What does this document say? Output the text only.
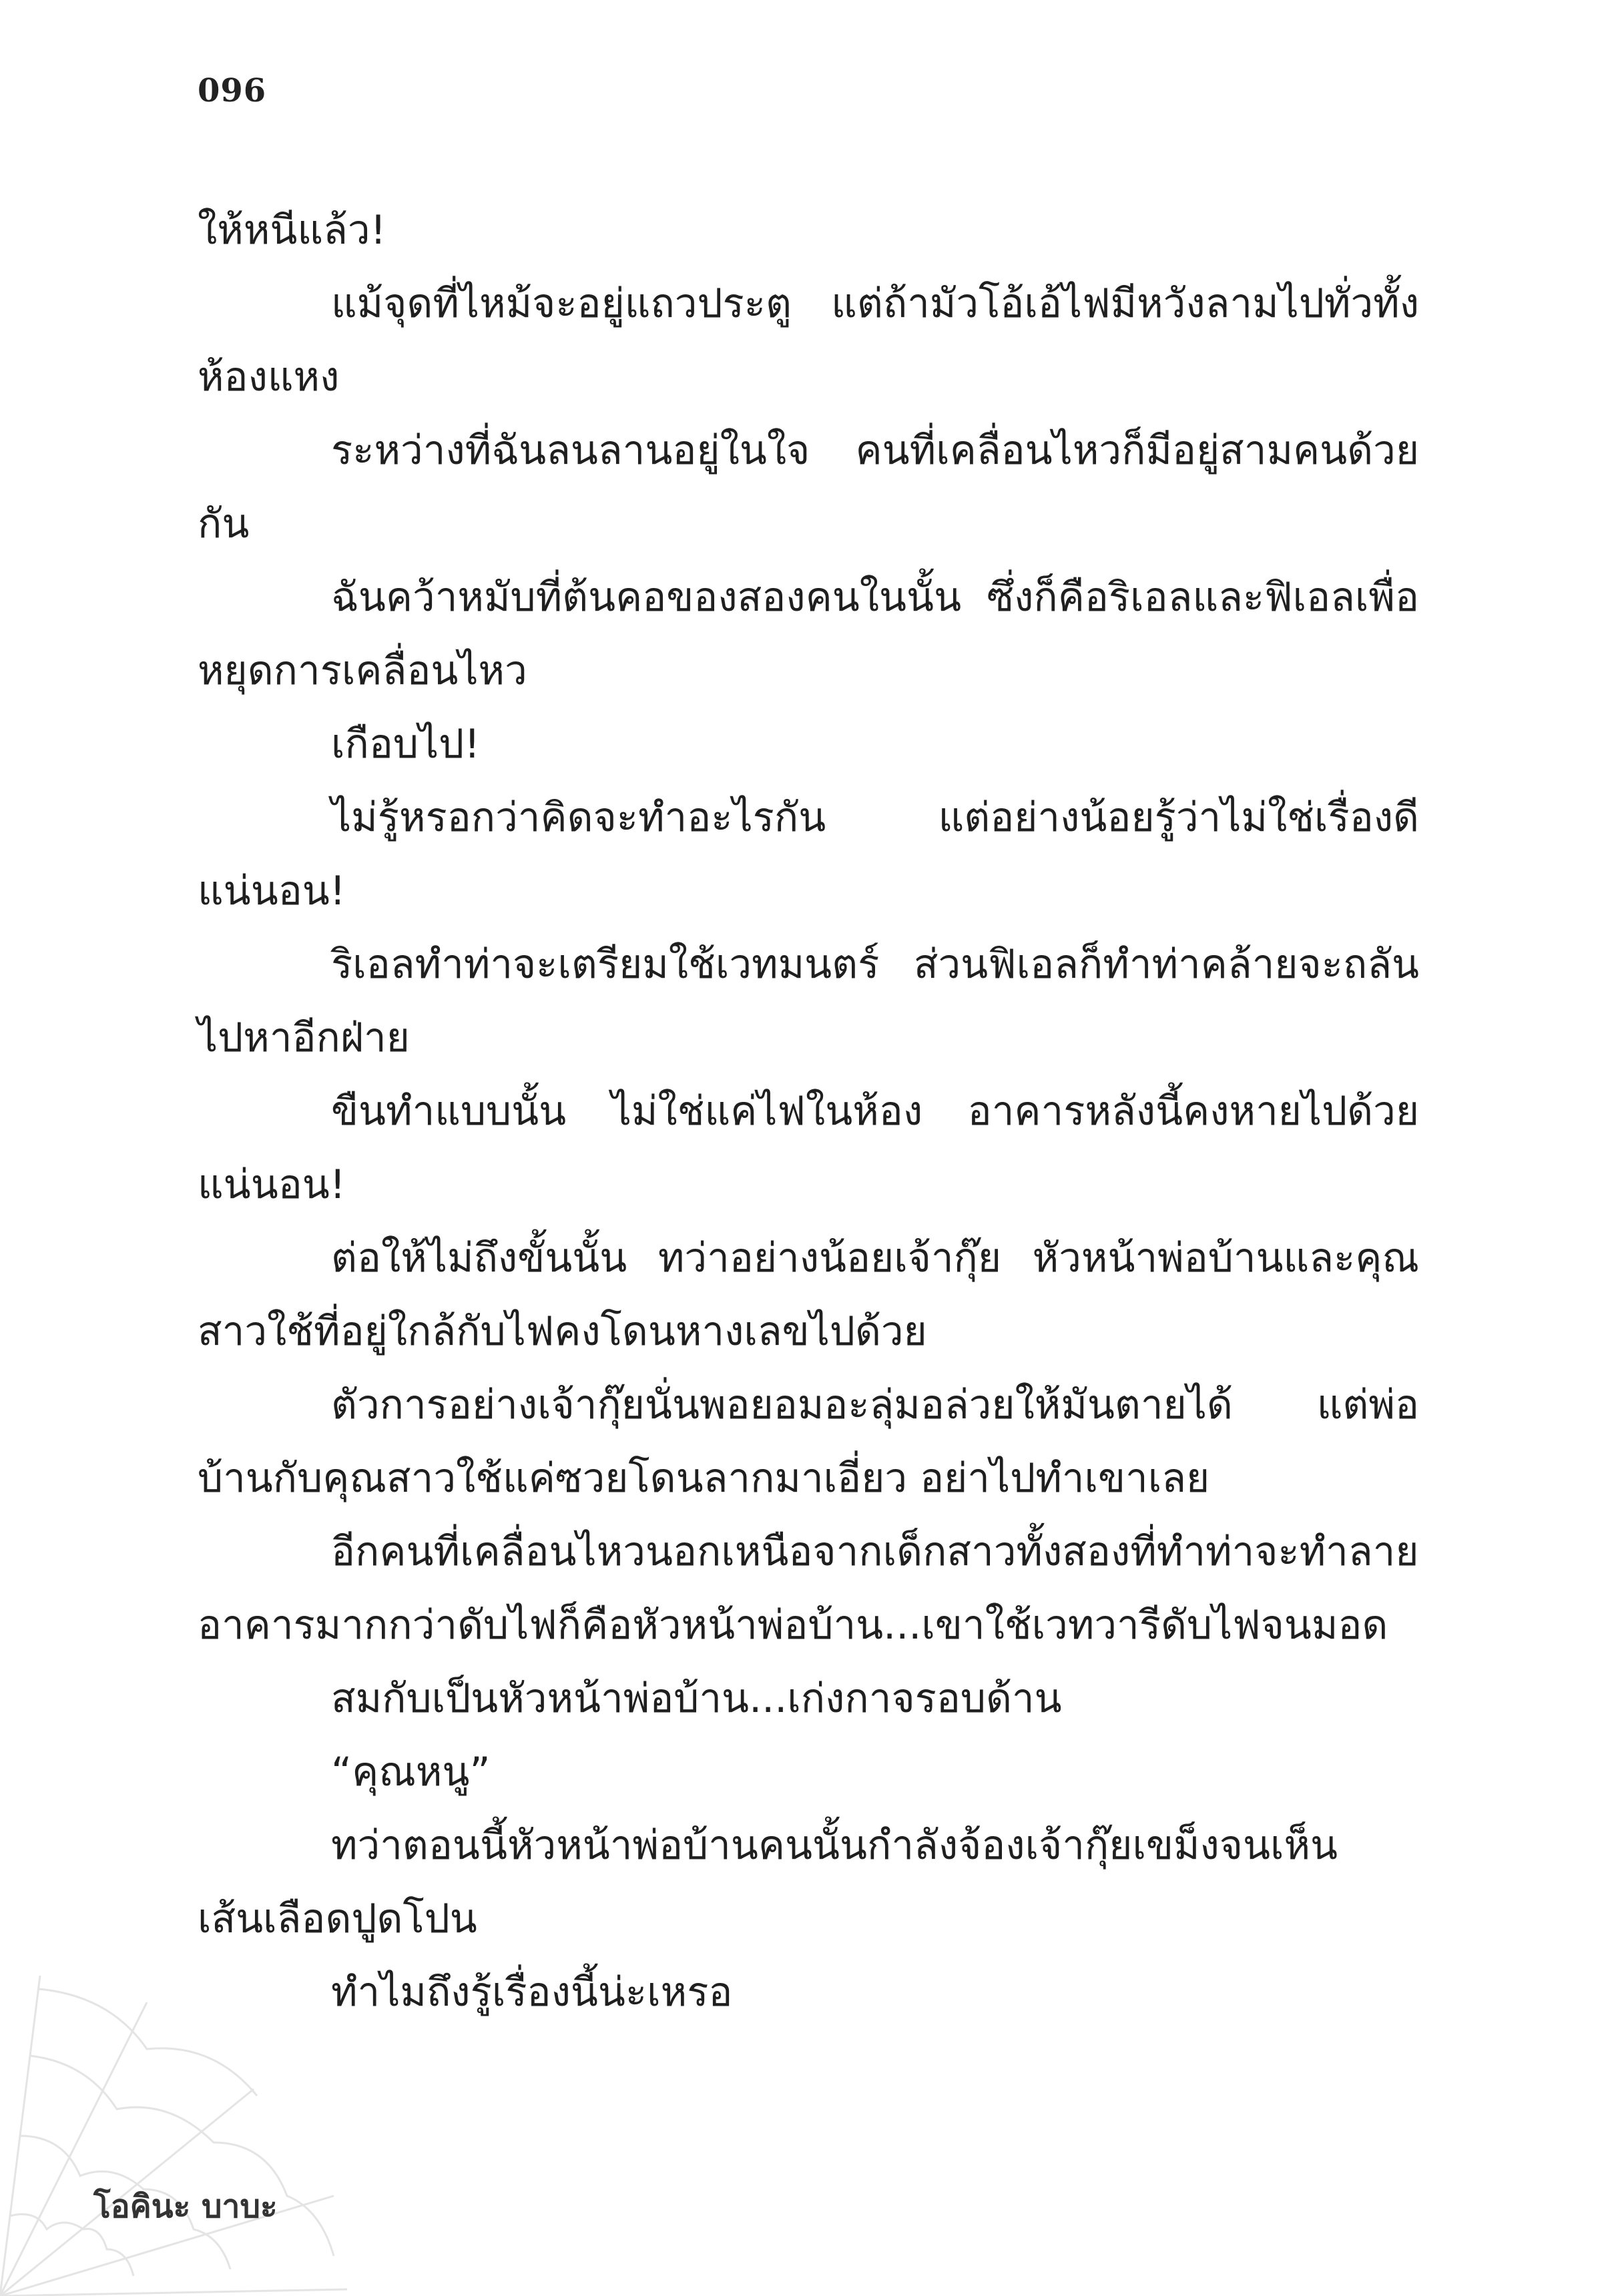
096

ให้หนีแล้ว!

แม้จุดที่ไหม้จะอยู่แถวประตู แต่ถ้ามัวโอ้เอ้ไฟมีหวังลามไปทั่วทั้งห้องแหง

ระหว่างที่ฉันลนลานอยู่ในใจ คนที่เคลื่อนไหวก็มีอยู่สามคนด้วยกัน

ฉันคว้าหมับที่ต้นคอของสองคนในนั้น ซึ่งก็คือริเอลและฟิเอลเพื่อหยุดการเคลื่อนไหว

เกือบไป!

ไม่รู้หรอกว่าคิดจะทำอะไรกัน แต่อย่างน้อยรู้ว่าไม่ใช่เรื่องดีแน่นอน!

ริเอลทำท่าจะเตรียมใช้เวทมนตร์ ส่วนฟิเอลก็ทำท่าคล้ายจะถลันไปหาอีกฝ่าย

ขืนทำแบบนั้น ไม่ใช่แค่ไฟในห้อง อาคารหลังนี้คงหายไปด้วยแน่นอน!

ต่อให้ไม่ถึงขั้นนั้น ทว่าอย่างน้อยเจ้ากุ๊ย หัวหน้าพ่อบ้านและคุณสาวใช้ที่อยู่ใกล้กับไฟคงโดนหางเลขไปด้วย

ตัวการอย่างเจ้ากุ๊ยนั่นพอยอมอะลุ่มอล่วยให้มันตายได้ แต่พ่อบ้านกับคุณสาวใช้แค่ซวยโดนลากมาเอี่ยว อย่าไปทำเขาเลย

อีกคนที่เคลื่อนไหวนอกเหนือจากเด็กสาวทั้งสองที่ทำท่าจะทำลายอาคารมากกว่าดับไฟก็คือหัวหน้าพ่อบ้าน...เขาใช้เวทวารีดับไฟจนมอด

สมกับเป็นหัวหน้าพ่อบ้าน...เก่งกาจรอบด้าน

“คุณหนู”

ทว่าตอนนี้หัวหน้าพ่อบ้านคนนั้นกำลังจ้องเจ้ากุ๊ยเขม็งจนเห็นเส้นเลือดปูดโปน

ทำไมถึงรู้เรื่องนี้น่ะเหรอ

โอคินะ บาบะ
